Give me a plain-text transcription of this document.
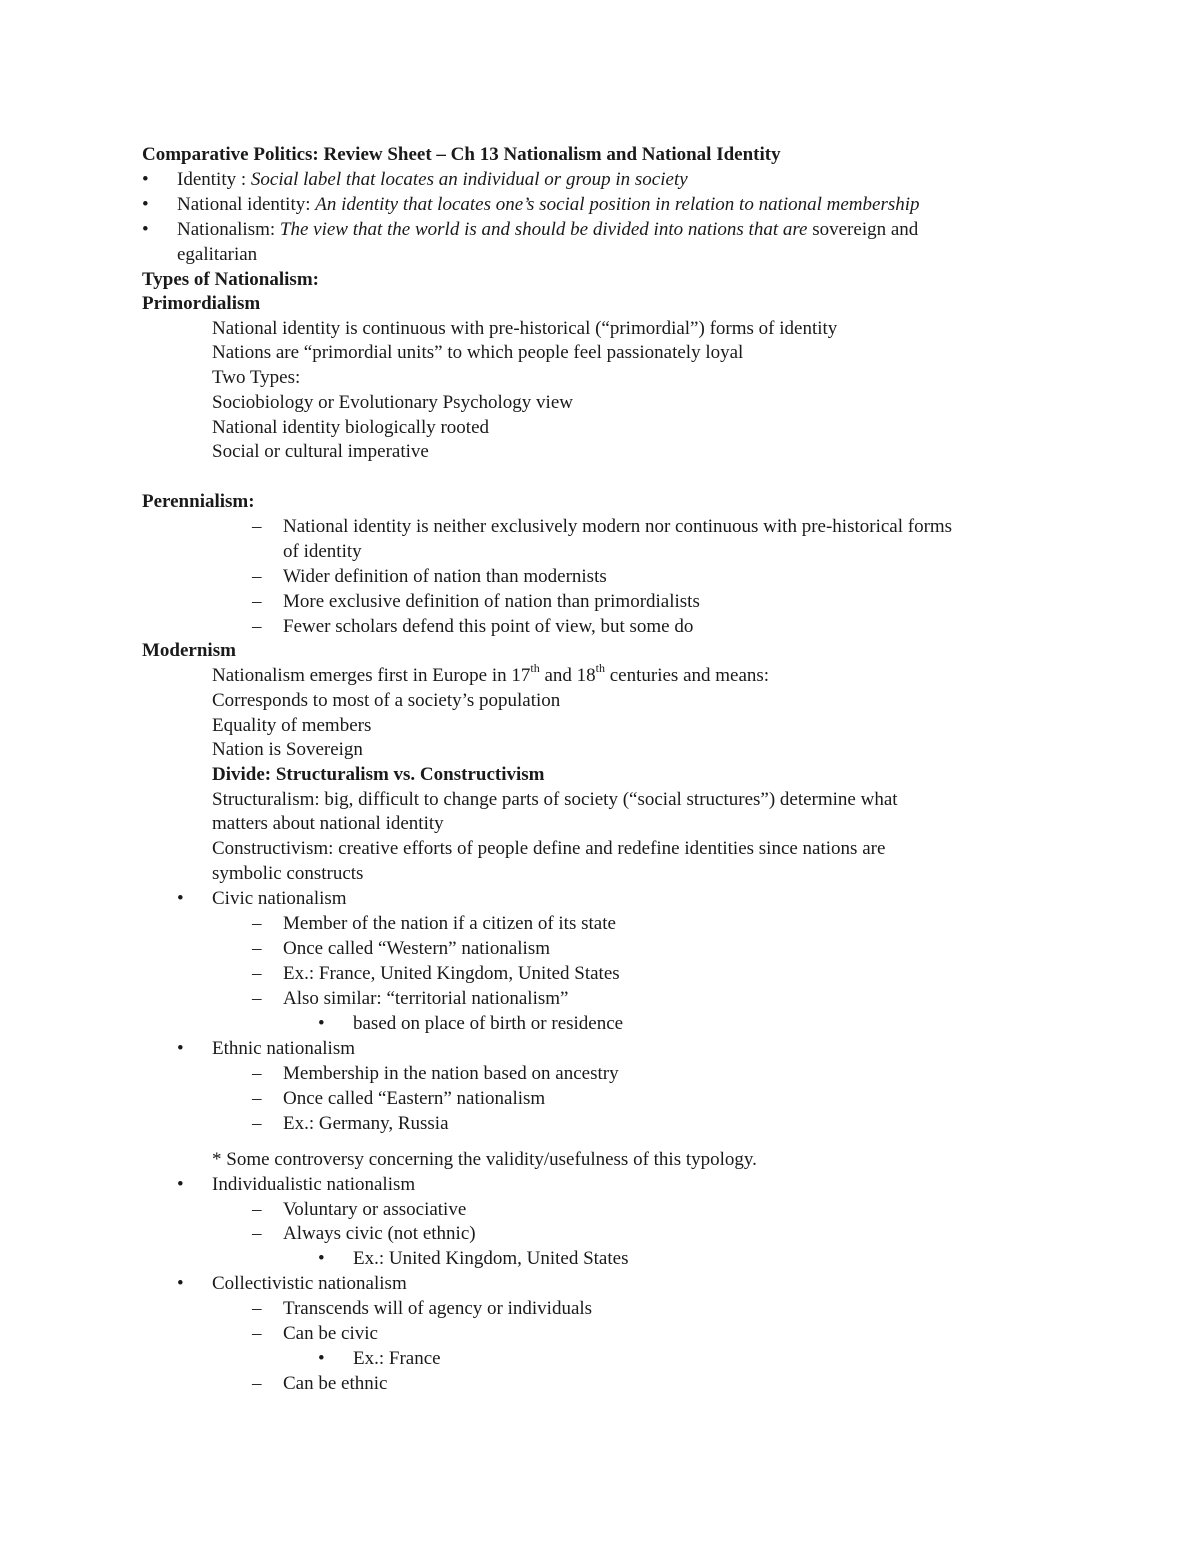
Comparative Politics: Review Sheet – Ch 13 Nationalism and National Identity
• Identity : Social label that locates an individual or group in society
• National identity: An identity that locates one’s social position in relation to national membership
• Nationalism: The view that the world is and should be divided into nations that are sovereign and
egalitarian
Types of Nationalism:
Primordialism
National identity is continuous with pre-historical (“primordial”) forms of identity
Nations are “primordial units” to which people feel passionately loyal
Two Types:
Sociobiology or Evolutionary Psychology view
National identity biologically rooted
Social or cultural imperative
Perennialism:
– National identity is neither exclusively modern nor continuous with pre-historical forms
of identity
– Wider definition of nation than modernists
– More exclusive definition of nation than primordialists
– Fewer scholars defend this point of view, but some do
Modernism
Nationalism emerges first in Europe in 17th and 18th centuries and means:
Corresponds to most of a society’s population
Equality of members
Nation is Sovereign
Divide: Structuralism vs. Constructivism
Structuralism: big, difficult to change parts of society (“social structures”) determine what
matters about national identity
Constructivism: creative efforts of people define and redefine identities since nations are
symbolic constructs
• Civic nationalism
– Member of the nation if a citizen of its state
– Once called “Western” nationalism
– Ex.: France, United Kingdom, United States
– Also similar: “territorial nationalism”
• based on place of birth or residence
• Ethnic nationalism
– Membership in the nation based on ancestry
– Once called “Eastern” nationalism
– Ex.: Germany, Russia
* Some controversy concerning the validity/usefulness of this typology.
• Individualistic nationalism
– Voluntary or associative
– Always civic (not ethnic)
• Ex.: United Kingdom, United States
• Collectivistic nationalism
– Transcends will of agency or individuals
– Can be civic
• Ex.: France
– Can be ethnic
